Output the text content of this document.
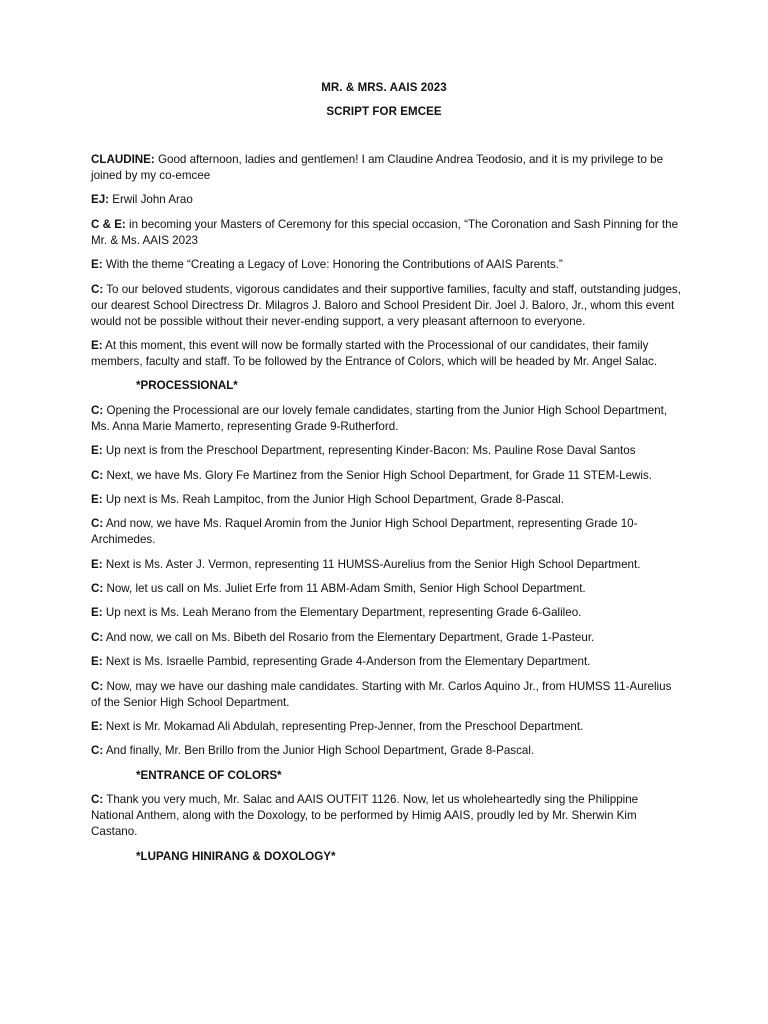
MR. & MRS. AAIS 2023
SCRIPT FOR EMCEE

CLAUDINE: Good afternoon, ladies and gentlemen! I am Claudine Andrea Teodosio, and it is my privilege to be joined by my co-emcee

EJ: Erwil John Arao

C & E: in becoming your Masters of Ceremony for this special occasion, “The Coronation and Sash Pinning for the Mr. & Ms. AAIS 2023

E: With the theme “Creating a Legacy of Love: Honoring the Contributions of AAIS Parents.”

C: To our beloved students, vigorous candidates and their supportive families, faculty and staff, outstanding judges, our dearest School Directress Dr. Milagros J. Baloro and School President Dir. Joel J. Baloro, Jr., whom this event would not be possible without their never-ending support, a very pleasant afternoon to everyone.

E: At this moment, this event will now be formally started with the Processional of our candidates, their family members, faculty and staff. To be followed by the Entrance of Colors, which will be headed by Mr. Angel Salac.

*PROCESSIONAL*

C: Opening the Processional are our lovely female candidates, starting from the Junior High School Department, Ms. Anna Marie Mamerto, representing Grade 9-Rutherford.

E: Up next is from the Preschool Department, representing Kinder-Bacon: Ms. Pauline Rose Daval Santos

C: Next, we have Ms. Glory Fe Martinez from the Senior High School Department, for Grade 11 STEM-Lewis.

E: Up next is Ms. Reah Lampitoc, from the Junior High School Department, Grade 8-Pascal.

C: And now, we have Ms. Raquel Aromin from the Junior High School Department, representing Grade 10-Archimedes.

E: Next is Ms. Aster J. Vermon, representing 11 HUMSS-Aurelius from the Senior High School Department.

C: Now, let us call on Ms. Juliet Erfe from 11 ABM-Adam Smith, Senior High School Department.

E: Up next is Ms. Leah Merano from the Elementary Department, representing Grade 6-Galileo.

C: And now, we call on Ms. Bibeth del Rosario from the Elementary Department, Grade 1-Pasteur.

E: Next is Ms. Israelle Pambid, representing Grade 4-Anderson from the Elementary Department.

C: Now, may we have our dashing male candidates. Starting with Mr. Carlos Aquino Jr., from HUMSS 11-Aurelius of the Senior High School Department.

E: Next is Mr. Mokamad Ali Abdulah, representing Prep-Jenner, from the Preschool Department.

C: And finally, Mr. Ben Brillo from the Junior High School Department, Grade 8-Pascal.

*ENTRANCE OF COLORS*

C: Thank you very much, Mr. Salac and AAIS OUTFIT 1126. Now, let us wholeheartedly sing the Philippine National Anthem, along with the Doxology, to be performed by Himig AAIS, proudly led by Mr. Sherwin Kim Castano.

*LUPANG HINIRANG & DOXOLOGY*
